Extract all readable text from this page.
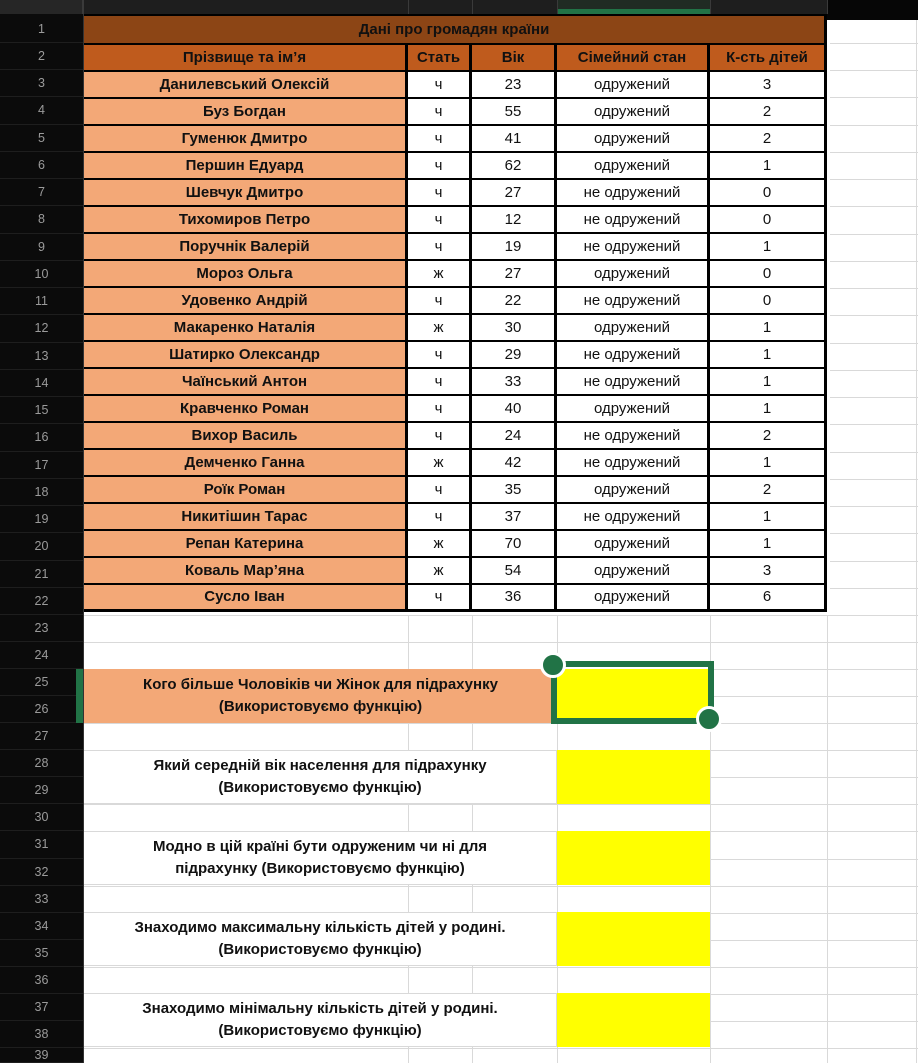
1
2
3
4
5
6
7
8
9
10
11
12
13
14
15
16
17
18
19
20
21
22
23
24
25
26
27
28
29
30
31
32
33
34
35
36
37
38
39
Дані про громадян країни				
Прізвище та ім’я	Стать	Вік	Сімейний стан	К-сть дітей
Данилевський Олексій	ч	23	одружений	3
Буз Богдан	ч	55	одружений	2
Гуменюк Дмитро	ч	41	одружений	2
Першин Едуард	ч	62	одружений	1
Шевчук Дмитро	ч	27	не одружений	0
Тихомиров Петро	ч	12	не одружений	0
Поручнік Валерій	ч	19	не одружений	1
Мороз Ольга	ж	27	одружений	0
Удовенко Андрій	ч	22	не одружений	0
Макаренко Наталія	ж	30	одружений	1
Шатирко Олександр	ч	29	не одружений	1
Чаїнський Антон	ч	33	не одружений	1
Кравченко Роман	ч	40	одружений	1
Вихор Василь	ч	24	не одружений	2
Демченко Ганна	ж	42	не одружений	1
Роїк Роман	ч	35	одружений	2
Никитішин Тарас	ч	37	не одружений	1
Репан Катерина	ж	70	одружений	1
Коваль Мар’яна	ж	54	одружений	3
Сусло Іван	ч	36	одружений	6
Кого більше Чоловіків чи Жінок для підрахунку
(Використовуємо функцію)
Який середній вік населення для підрахунку
(Використовуємо функцію)
Модно в цій країні бути одруженим чи ні для
підрахунку (Використовуємо функцію)
Знаходимо максимальну кількість дітей у родині.
(Використовуємо функцію)
Знаходимо мінімальну кількість дітей у родині.
(Використовуємо функцію)
